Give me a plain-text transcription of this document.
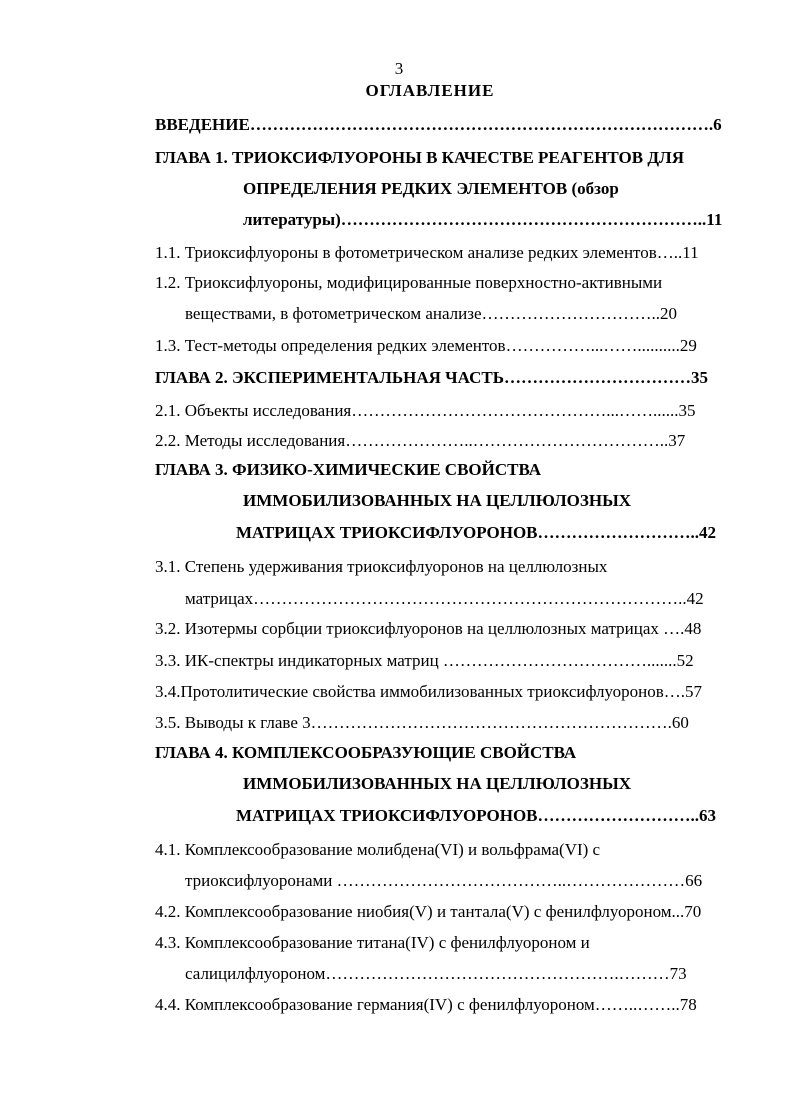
3
ОГЛАВЛЕНИЕ
ВВЕДЕНИЕ……………………………………………………………………….6
ГЛАВА 1. ТРИОКСИФЛУОРОНЫ В КАЧЕСТВЕ РЕАГЕНТОВ ДЛЯ
ОПРЕДЕЛЕНИЯ РЕДКИХ ЭЛЕМЕНТОВ (обзор
литературы)………………………………………………………..11
1.1. Триоксифлуороны в фотометрическом анализе редких элементов…..11
1.2. Триоксифлуороны, модифицированные поверхностно-активными
веществами, в фотометрическом анализе…………………………..20
1.3. Тест-методы определения редких элементов……………...……..........29
ГЛАВА 2. ЭКСПЕРИМЕНТАЛЬНАЯ ЧАСТЬ……………………………35
2.1. Объекты исследования………………………………………...……......35
2.2. Методы исследования…………………..……………………………..37
ГЛАВА 3. ФИЗИКО-ХИМИЧЕСКИЕ СВОЙСТВА
ИММОБИЛИЗОВАННЫХ НА ЦЕЛЛЮЛОЗНЫХ
МАТРИЦАХ ТРИОКСИФЛУОРОНОВ………………………..42
3.1. Степень удерживания триоксифлуоронов на целлюлозных
матрицах…………………………………………………………………..42
3.2. Изотермы сорбции триоксифлуоронов на целлюлозных матрицах ….48
3.3. ИК-спектры индикаторных матриц ……………………………….......52
3.4.Протолитические свойства иммобилизованных триоксифлуоронов….57
3.5. Выводы к главе 3……………………………………………………….60
ГЛАВА 4. КОМПЛЕКСООБРАЗУЮЩИЕ СВОЙСТВА
ИММОБИЛИЗОВАННЫХ НА ЦЕЛЛЮЛОЗНЫХ
МАТРИЦАХ ТРИОКСИФЛУОРОНОВ………………………..63
4.1. Комплексообразование молибдена(VI) и вольфрама(VI) с
триоксифлуоронами …………………………………..…………………66
4.2. Комплексообразование ниобия(V) и тантала(V) с фенилфлуороном...70
4.3. Комплексообразование титана(IV) с фенилфлуороном и
салицилфлуороном…………………………………………….………73
4.4. Комплексообразование германия(IV) с фенилфлуороном……..……..78
